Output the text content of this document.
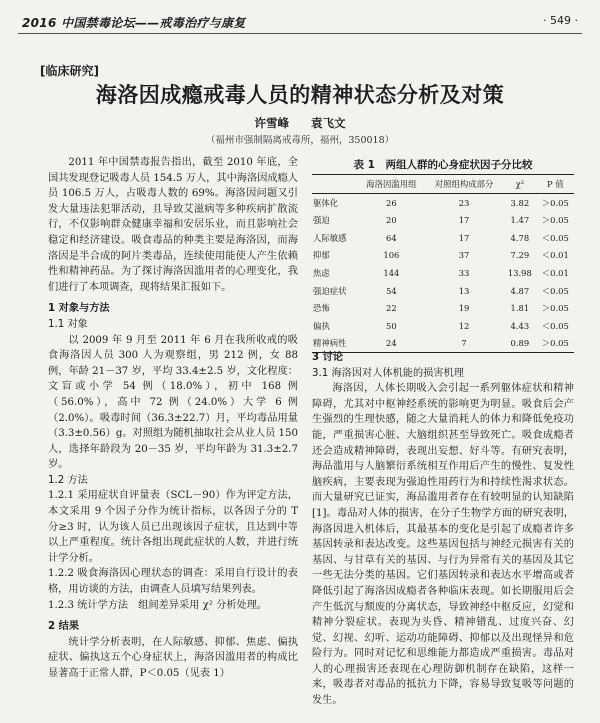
2016 中国禁毒论坛——戒毒治疗与康复	· 549 ·
[临床研究]
海洛因成瘾戒毒人员的精神状态分析及对策
许雪峰 袁飞文
（福州市强制隔离戒毒所，福州，350018）

2011 年中国禁毒报告指出，截至 2010 年底，全国共发现登记吸毒人员 154.5 万人，其中海洛因成瘾人员 106.5 万人，占吸毒人数的 69%。海洛因问题又引发大量违法犯罪活动，且导致艾滋病等多种疾病扩散流行，不仅影响群众健康幸福和安居乐业，而且影响社会稳定和经济建设。吸食毒品的种类主要是海洛因，而海洛因是半合成的阿片类毒品，连续使用能使人产生依赖性和精神药品。为了探讨海洛因滥用者的心理变化，我们进行了本项调查，现将结果汇报如下。

1 对象与方法

1.1 对象

以 2009 年 9 月至 2011 年 6 月在我所收戒的吸食海洛因人员 300 人为观察组，男 212 例，女 88 例，年龄 21－37 岁，平均 33.4±2.5 岁，文化程度：文盲或小学 54 例（18.0%），初中 168 例（56.0%），高中 72 例（24.0%）大学 6 例（2.0%）。吸毒时间（36.3±22.7）月，平均毒品用量（3.3±0.56）g。对照组为随机抽取社会从业人员 150 人，选择年龄段为 20－35 岁，平均年龄为 31.3±2.7 岁。

1.2 方法

1.2.1 采用症状自评量表（SCL－90）作为评定方法，本文采用 9 个因子分作为统计指标，以各因子分的 T 分≥3 时，认为该人员已出现该因子症状，且达到中等以上严重程度。统计各组出现此症状的人数，并进行统计学分析。

1.2.2 吸食海洛因心理状态的调查：采用自行设计的表格，用访谈的方法，由调查人员填写结果列表。

1.2.3 统计学方法　组间差异采用 χ² 分析处理。

2 结果

统计学分析表明，在人际敏感、抑郁、焦虑、偏执症状、偏执这五个心身症状上，海洛因滥用者的构成比显著高于正常人群，P＜0.05（见表 1）

表 1　两组人群的心身症状因子分比较
	海洛因滥用组	对照组构成部分	χ²	P 值
躯体化	26	23	3.82	＞0.05
强迫	20	17	1.47	＞0.05
人际敏感	64	17	4.78	＜0.05
抑郁	106	37	7.29	＜0.01
焦虑	144	33	13.98	＜0.01
强迫症状	54	13	4.87	＜0.05
恐怖	22	19	1.81	＞0.05
偏执	50	12	4.43	＜0.05
精神病性	24	7	0.89	＞0.05

3 讨论

3.1 海洛因对人体机能的损害机理

海洛因，人体长期吸入会引起一系列躯体症状和精神障碍，尤其对中枢神经系统的影响更为明显。吸食后会产生强烈的生理快感，随之大量消耗人的体力和降低免疫功能，严重损害心脏、大脑组织甚至导致死亡。吸食成瘾者还会造成精神障碍，表现出妄想、好斗等。有研究表明，海品滥用与人脑繁衍系统相互作用后产生的慢性、复发性脑疾病，主要表现为强迫性用药行为和持续性渴求状态。而大量研究已证实，海品滥用者存在有较明显的认知缺陷[1]。毒品对人体的损害，在分子生物学方面的研究表明，海洛因进入机体后，其最基本的变化是引起了成瘾者许多基因转录和表达改变。这些基因包括与神经元损害有关的基因、与甘草有关的基因、与行为异常有关的基因及其它一些无法分类的基因。它们基因转录和表达水平增高或者降低引起了海洛因成瘾者各种临床表现。如长期服用后会产生低沉与颓废的分离状态，导致神经中枢反应，幻觉和精神分裂症状。表现为头昏、精神错乱、过度兴奋、幻觉、幻视、幻听、运动功能障碍、抑郁以及出现怪异和危险行为。同时对记忆和思维能力都造成严重损害。毒品对人的心理损害还表现在心理防御机制存在缺陷，这样一来，吸毒者对毒品的抵抗力下降，容易导致复吸等问题的发生。
